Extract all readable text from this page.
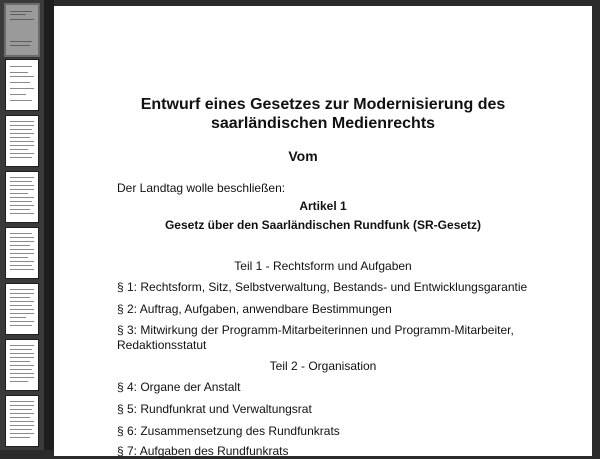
Entwurf eines Gesetzes zur Modernisierung des
saarländischen Medienrechts
Vom
Der Landtag wolle beschließen:
Artikel 1
Gesetz über den Saarländischen Rundfunk (SR-Gesetz)
Teil 1 - Rechtsform und Aufgaben
§ 1: Rechtsform, Sitz, Selbstverwaltung, Bestands- und Entwicklungsgarantie
§ 2: Auftrag, Aufgaben, anwendbare Bestimmungen
§ 3: Mitwirkung der Programm-Mitarbeiterinnen und Programm-Mitarbeiter,
Redaktionsstatut
Teil 2 - Organisation
§ 4: Organe der Anstalt
§ 5: Rundfunkrat und Verwaltungsrat
§ 6: Zusammensetzung des Rundfunkrats
§ 7: Aufgaben des Rundfunkrats
